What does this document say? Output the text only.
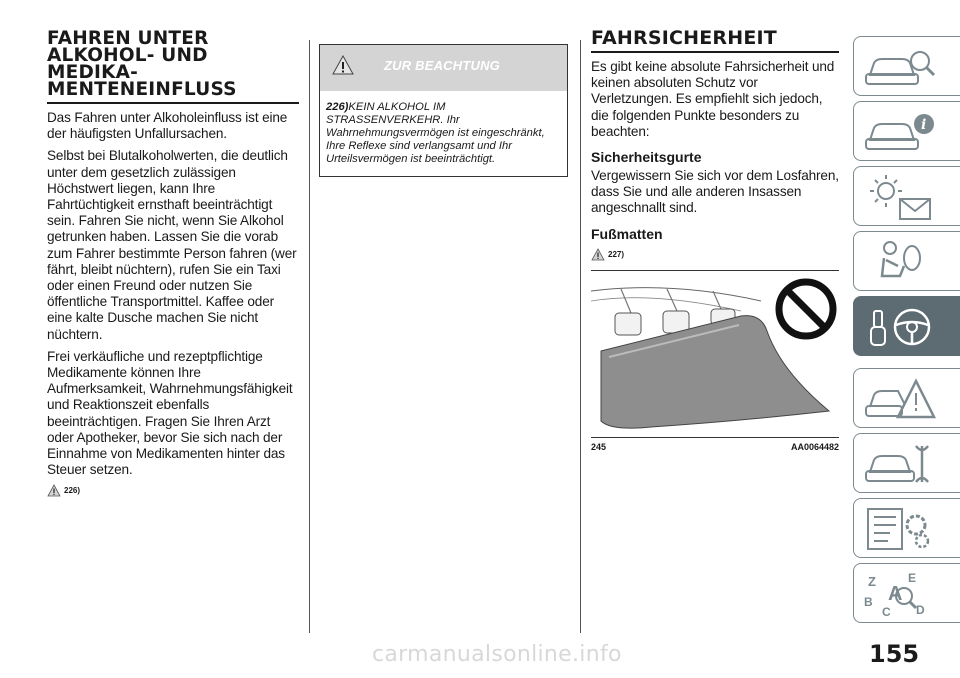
FAHREN UNTER
ALKOHOL- UND
MEDIKA-
MENTENEINFLUSS

Das Fahren unter Alkoholeinfluss ist eine der häufigsten Unfallursachen.

Selbst bei Blutalkoholwerten, die deutlich unter dem gesetzlich zulässigen Höchstwert liegen, kann Ihre Fahrtüchtigkeit ernsthaft beeinträchtigt sein. Fahren Sie nicht, wenn Sie Alkohol getrunken haben. Lassen Sie die vorab zum Fahrer bestimmte Person fahren (wer fährt, bleibt nüchtern), rufen Sie ein Taxi oder einen Freund oder nutzen Sie öffentliche Transportmittel. Kaffee oder eine kalte Dusche machen Sie nicht nüchtern.

Frei verkäufliche und rezeptpflichtige Medikamente können Ihre Aufmerksamkeit, Wahrnehmungsfähigkeit und Reaktionszeit ebenfalls beeinträchtigen. Fragen Sie Ihren Arzt oder Apotheker, bevor Sie sich nach der Einnahme von Medikamenten hinter das Steuer setzen.

226)
ZUR BEACHTUNG
226)KEIN ALKOHOL IM STRASSENVERKEHR. Ihr Wahrnehmungsvermögen ist eingeschränkt, Ihre Reflexe sind verlangsamt und Ihr Urteilsvermögen ist beeinträchtigt.
FAHRSICHERHEIT

Es gibt keine absolute Fahrsicherheit und keinen absoluten Schutz vor Verletzungen. Es empfiehlt sich jedoch, die folgenden Punkte besonders zu beachten:

Sicherheitsgurte

Vergewissern Sie sich vor dem Losfahren, dass Sie und alle anderen Insassen angeschnallt sind.

Fußmatten
227)
245	AA0064482
i
Z	E
B
C D
A
155
carmanualsonline.info
